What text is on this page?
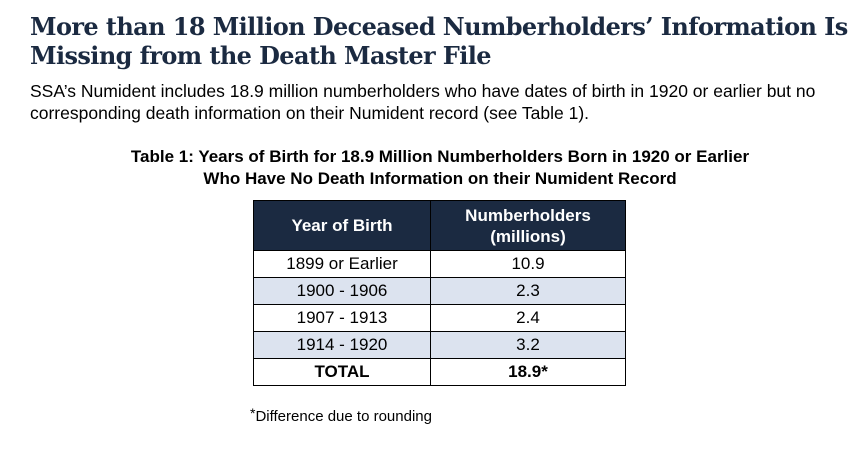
More than 18 Million Deceased Numberholders’ Information Is
Missing from the Death Master File

SSA’s Numident includes 18.9 million numberholders who have dates of birth in 1920 or earlier but no corresponding death information on their Numident record (see Table 1).

Table 1: Years of Birth for 18.9 Million Numberholders Born in 1920 or Earlier
Who Have No Death Information on their Numident Record
Year of Birth	Numberholders
(millions)
1899 or Earlier	10.9
1900 - 1906	2.3
1907 - 1913	2.4
1914 - 1920	3.2
TOTAL	18.9*

*Difference due to rounding
